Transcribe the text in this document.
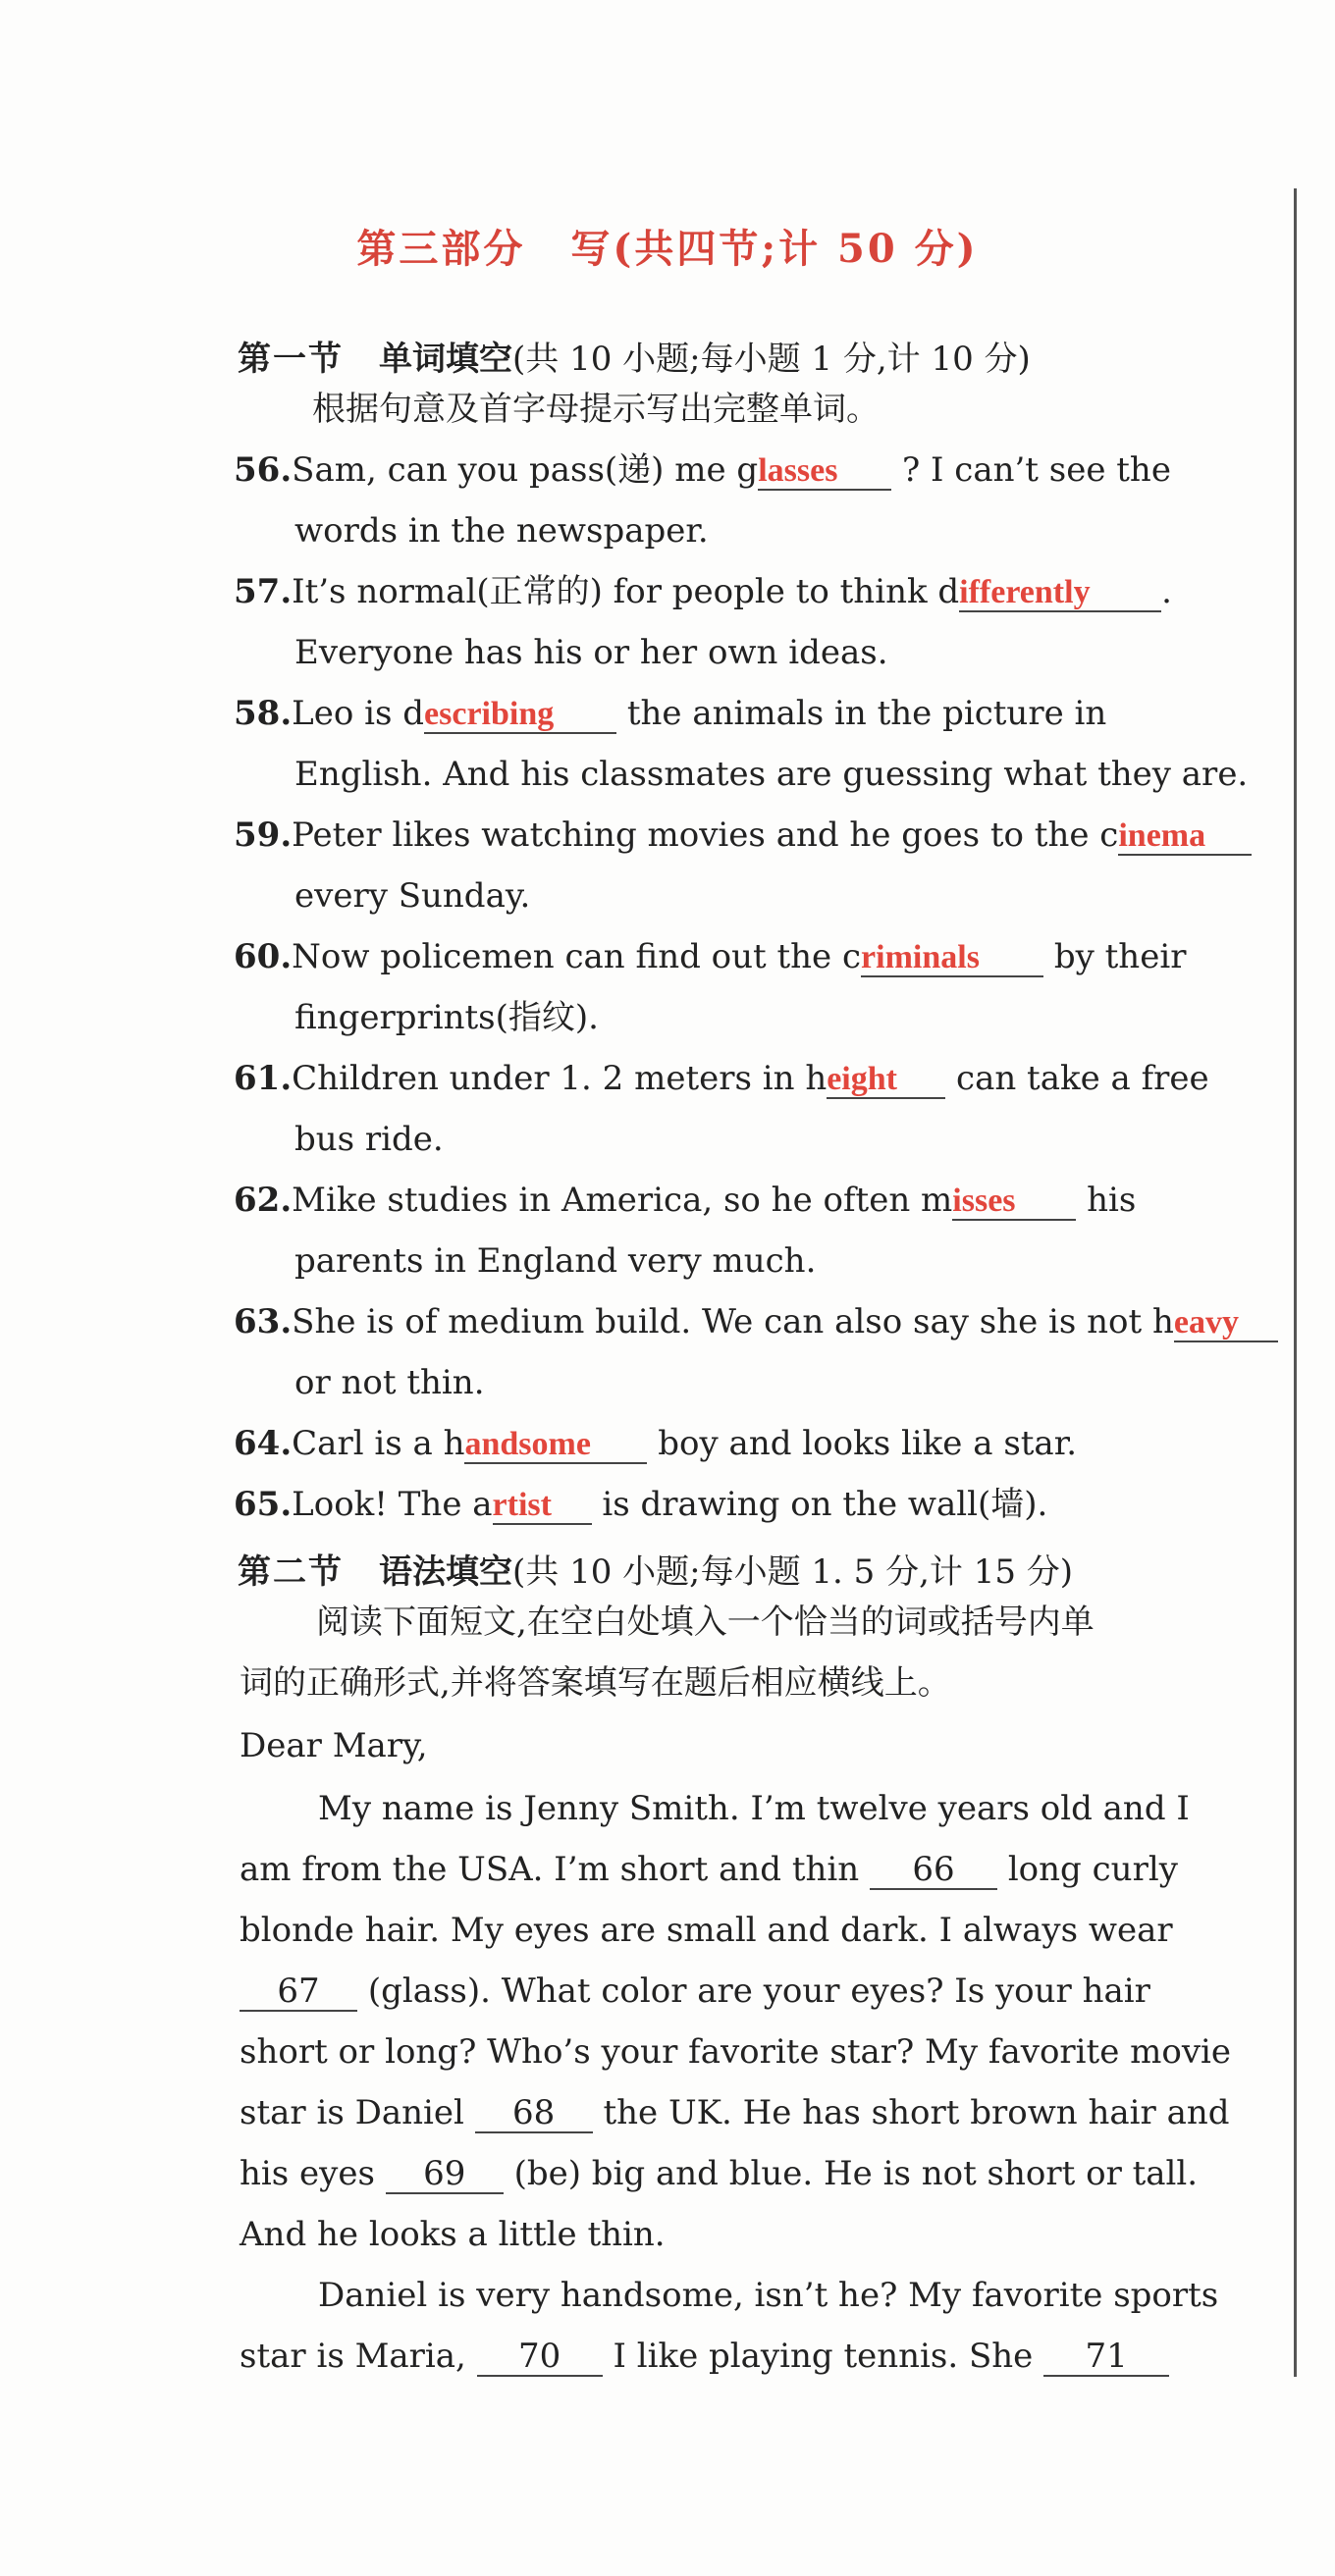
第三部分 写(共四节;计 50 分)
第一节 单词填空(共 10 小题;每小题 1 分,计 10 分)
根据句意及首字母提示写出完整单词。
56.Sam, can you pass(递) me glasses ? I can’t see the
words in the newspaper.
57.It’s normal(正常的) for people to think differently .
Everyone has his or her own ideas.
58.Leo is describing the animals in the picture in
English. And his classmates are guessing what they are.
59.Peter likes watching movies and he goes to the cinema
every Sunday.
60.Now policemen can find out the criminals by their
fingerprints(指纹).
61.Children under 1. 2 meters in height can take a free
bus ride.
62.Mike studies in America, so he often misses his
parents in England very much.
63.She is of medium build. We can also say she is not heavy
or not thin.
64.Carl is a handsome boy and looks like a star.
65.Look! The artist is drawing on the wall(墙).
第二节 语法填空(共 10 小题;每小题 1. 5 分,计 15 分)
阅读下面短文,在空白处填入一个恰当的词或括号内单
词的正确形式,并将答案填写在题后相应横线上。
Dear Mary,
My name is Jenny Smith. I’m twelve years old and I
am from the USA. I’m short and thin 66 long curly
blonde hair. My eyes are small and dark. I always wear
67 (glass). What color are your eyes? Is your hair
short or long? Who’s your favorite star? My favorite movie
star is Daniel 68 the UK. He has short brown hair and
his eyes 69 (be) big and blue. He is not short or tall.
And he looks a little thin.
Daniel is very handsome, isn’t he? My favorite sports
star is Maria, 70 I like playing tennis. She 71
